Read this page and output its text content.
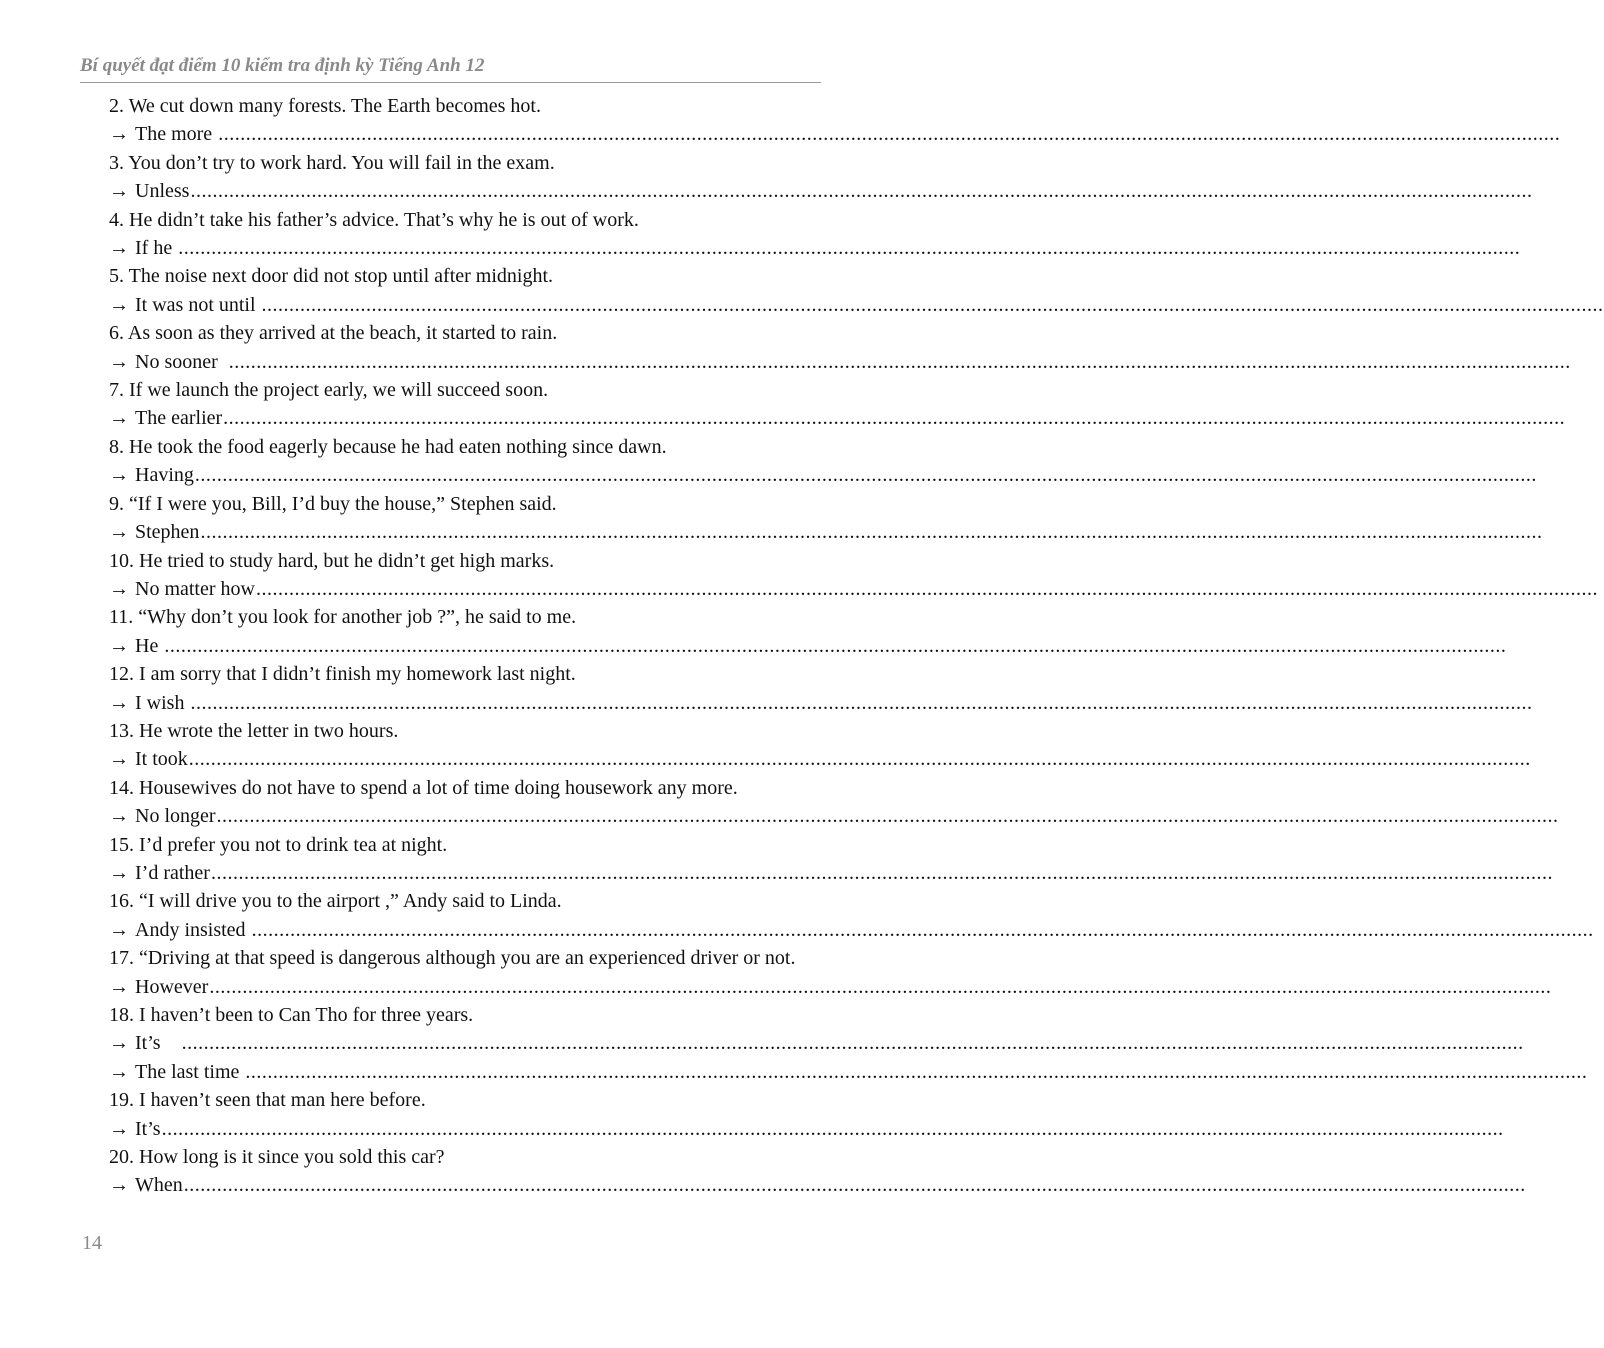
Bí quyết đạt điểm 10 kiểm tra định kỳ Tiếng Anh 12
2. We cut down many forests. The Earth becomes hot.
→ The more ....................................................................................................................................................................................................................................................
3. You don’t try to work hard. You will fail in the exam.
→ Unless ....................................................................................................................................................................................................................................................
4. He didn’t take his father’s advice. That’s why he is out of work.
→ If he ....................................................................................................................................................................................................................................................
5. The noise next door did not stop until after midnight.
→ It was not until ....................................................................................................................................................................................................................................................
6. As soon as they arrived at the beach, it started to rain.
→ No sooner ....................................................................................................................................................................................................................................................
7. If we launch the project early, we will succeed soon.
→ The earlier ....................................................................................................................................................................................................................................................
8. He took the food eagerly because he had eaten nothing since dawn.
→ Having ....................................................................................................................................................................................................................................................
9. “If I were you, Bill, I’d buy the house,” Stephen said.
→ Stephen ....................................................................................................................................................................................................................................................
10. He tried to study hard, but he didn’t get high marks.
→ No matter how ....................................................................................................................................................................................................................................................
11. “Why don’t you look for another job ?”, he said to me.
→ He ....................................................................................................................................................................................................................................................
12. I am sorry that I didn’t finish my homework last night.
→ I wish ....................................................................................................................................................................................................................................................
13. He wrote the letter in two hours.
→ It took ....................................................................................................................................................................................................................................................
14. Housewives do not have to spend a lot of time doing housework any more.
→ No longer ....................................................................................................................................................................................................................................................
15. I’d prefer you not to drink tea at night.
→ I’d rather ....................................................................................................................................................................................................................................................
16. “I will drive you to the airport ,” Andy said to Linda.
→ Andy insisted ....................................................................................................................................................................................................................................................
17. “Driving at that speed is dangerous although you are an experienced driver or not.
→ However ....................................................................................................................................................................................................................................................
18. I haven’t been to Can Tho for three years.
→ It’s ....................................................................................................................................................................................................................................................
→ The last time ....................................................................................................................................................................................................................................................
19. I haven’t seen that man here before.
→ It’s ....................................................................................................................................................................................................................................................
20. How long is it since you sold this car?
→ When ....................................................................................................................................................................................................................................................
14
